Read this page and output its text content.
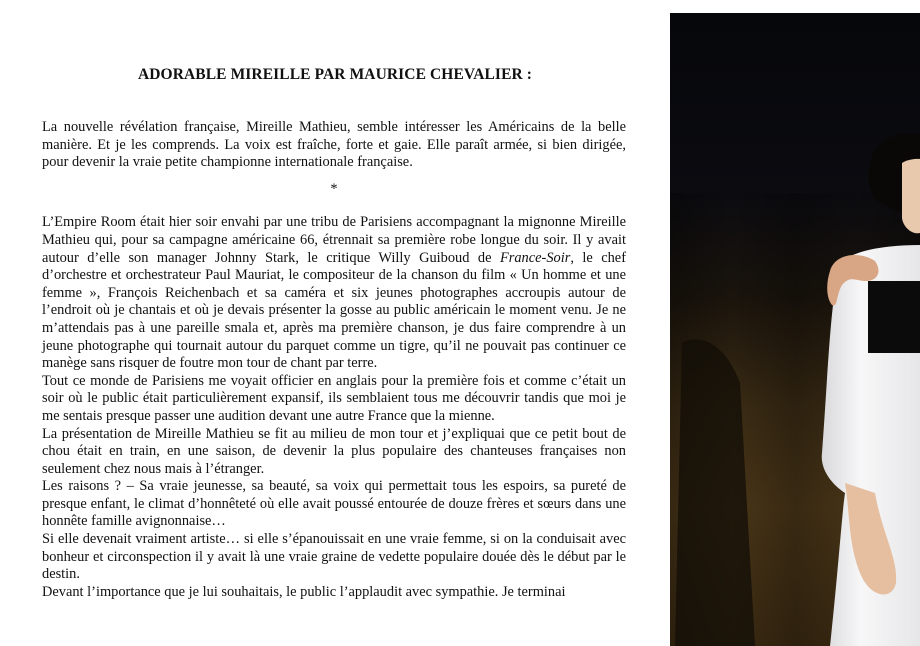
ADORABLE MIREILLE PAR MAURICE CHEVALIER :

La nouvelle révélation française, Mireille Mathieu, semble intéresser les Américains de la belle manière. Et je les comprends. La voix est fraîche, forte et gaie. Elle paraît armée, si bien dirigée, pour devenir la vraie petite championne internationale française.

*

L’Empire Room était hier soir envahi par une tribu de Parisiens accompagnant la mignonne Mireille Mathieu qui, pour sa campagne américaine 66, étrennait sa première robe longue du soir. Il y avait autour d’elle son manager Johnny Stark, le critique Willy Guiboud de France-Soir, le chef d’orchestre et orchestrateur Paul Mauriat, le compositeur de la chanson du film « Un homme et une femme », François Reichenbach et sa caméra et six jeunes photographes accroupis autour de l’endroit où je chantais et où je devais présenter la gosse au public américain le moment venu. Je ne m’attendais pas à une pareille smala et, après ma première chanson, je dus faire comprendre à un jeune photographe qui tournait autour du parquet comme un tigre, qu’il ne pouvait pas continuer ce manège sans risquer de foutre mon tour de chant par terre.

Tout ce monde de Parisiens me voyait officier en anglais pour la première fois et comme c’était un soir où le public était particulièrement expansif, ils semblaient tous me découvrir tandis que moi je me sentais presque passer une audition devant une autre France que la mienne.

La présentation de Mireille Mathieu se fit au milieu de mon tour et j’expliquai que ce petit bout de chou était en train, en une saison, de devenir la plus populaire des chanteuses françaises non seulement chez nous mais à l’étranger.

Les raisons ? – Sa vraie jeunesse, sa beauté, sa voix qui permettait tous les espoirs, sa pureté de presque enfant, le climat d’honnêteté où elle avait poussé entourée de douze frères et sœurs dans une honnête famille avignonnaise…

Si elle devenait vraiment artiste… si elle s’épanouissait en une vraie femme, si on la conduisait avec bonheur et circonspection il y avait là une vraie graine de vedette populaire douée dès le début par le destin.

Devant l’importance que je lui souhaitais, le public l’applaudit avec sympathie. Je terminai
